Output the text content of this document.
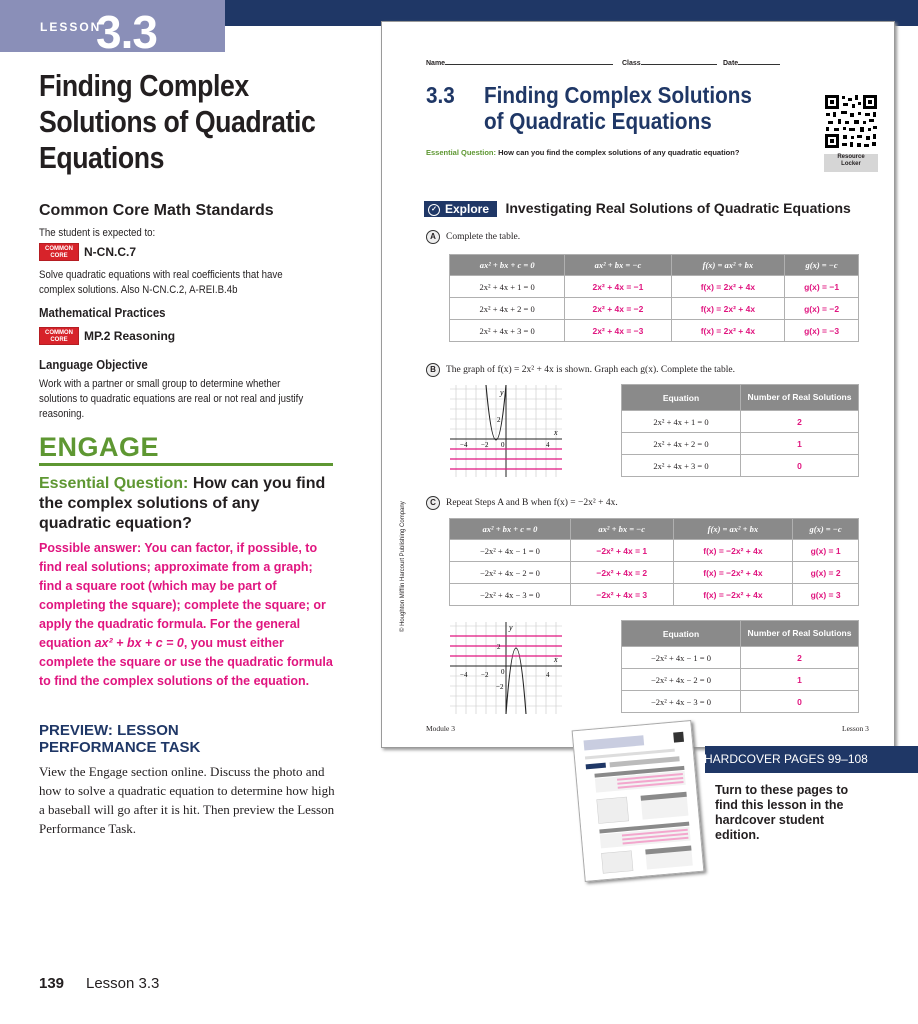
LESSON
3.3
Finding Complex Solutions of Quadratic Equations
Common Core Math Standards
The student is expected to:
COMMON
CORE N-CN.C.7
Solve quadratic equations with real coefficients that have complex solutions. Also N-CN.C.2, A-REI.B.4b
Mathematical Practices
COMMON
CORE MP.2 Reasoning
Language Objective
Work with a partner or small group to determine whether solutions to quadratic equations are real or not real and justify reasoning.
ENGAGE
Essential Question: How can you find the complex solutions of any quadratic equation?
Possible answer: You can factor, if possible, to find real solutions; approximate from a graph; find a square root (which may be part of completing the square); complete the square; or apply the quadratic formula. For the general equation ax² + bx + c = 0, you must either complete the square or use the quadratic formula to find the complex solutions of the equation.
PREVIEW: LESSON PERFORMANCE TASK
View the Engage section online. Discuss the photo and how to solve a quadratic equation to determine how high a baseball will go after it is hit. Then preview the Lesson Performance Task.
139 Lesson 3.3
Name	Class	Date
3.3 Finding Complex Solutions of Quadratic Equations
Essential Question: How can you find the complex solutions of any quadratic equation?	Resource
Locker
✓ Explore Investigating Real Solutions of Quadratic Equations
A Complete the table.
ax² + bx + c = 0	ax² + bx = −c	f(x) = ax² + bx	g(x) = −c
2x² + 4x + 1 = 0	2x² + 4x = −1	f(x) = 2x² + 4x	g(x) = −1
2x² + 4x + 2 = 0	2x² + 4x = −2	f(x) = 2x² + 4x	g(x) = −2
2x² + 4x + 3 = 0	2x² + 4x = −3	f(x) = 2x² + 4x	g(x) = −3
B The graph of f(x) = 2x² + 4x is shown. Graph each g(x). Complete the table.
y
x
2
−4 −2 0	4
Equation	Number of Real Solutions
2x² + 4x + 1 = 0	2
2x² + 4x + 2 = 0	1
2x² + 4x + 3 = 0	0
© Houghton Mifflin Harcourt Publishing Company	C Repeat Steps A and B when f(x) = −2x² + 4x.
ax² + bx + c = 0	ax² + bx = −c	f(x) = ax² + bx	g(x) = −c
−2x² + 4x − 1 = 0	−2x² + 4x = 1	f(x) = −2x² + 4x	g(x) = 1
−2x² + 4x − 2 = 0	−2x² + 4x = 2	f(x) = −2x² + 4x	g(x) = 2
−2x² + 4x − 3 = 0	−2x² + 4x = 3	f(x) = −2x² + 4x	g(x) = 3
y
x
2
−4 −2 0	4
−2
Equation	Number of Real Solutions
−2x² + 4x − 1 = 0	2
−2x² + 4x − 2 = 0	1
−2x² + 4x − 3 = 0	0
Module 3	Lesson 3
HARDCOVER PAGES 99–108
Turn to these pages to find this lesson in the hardcover student edition.
